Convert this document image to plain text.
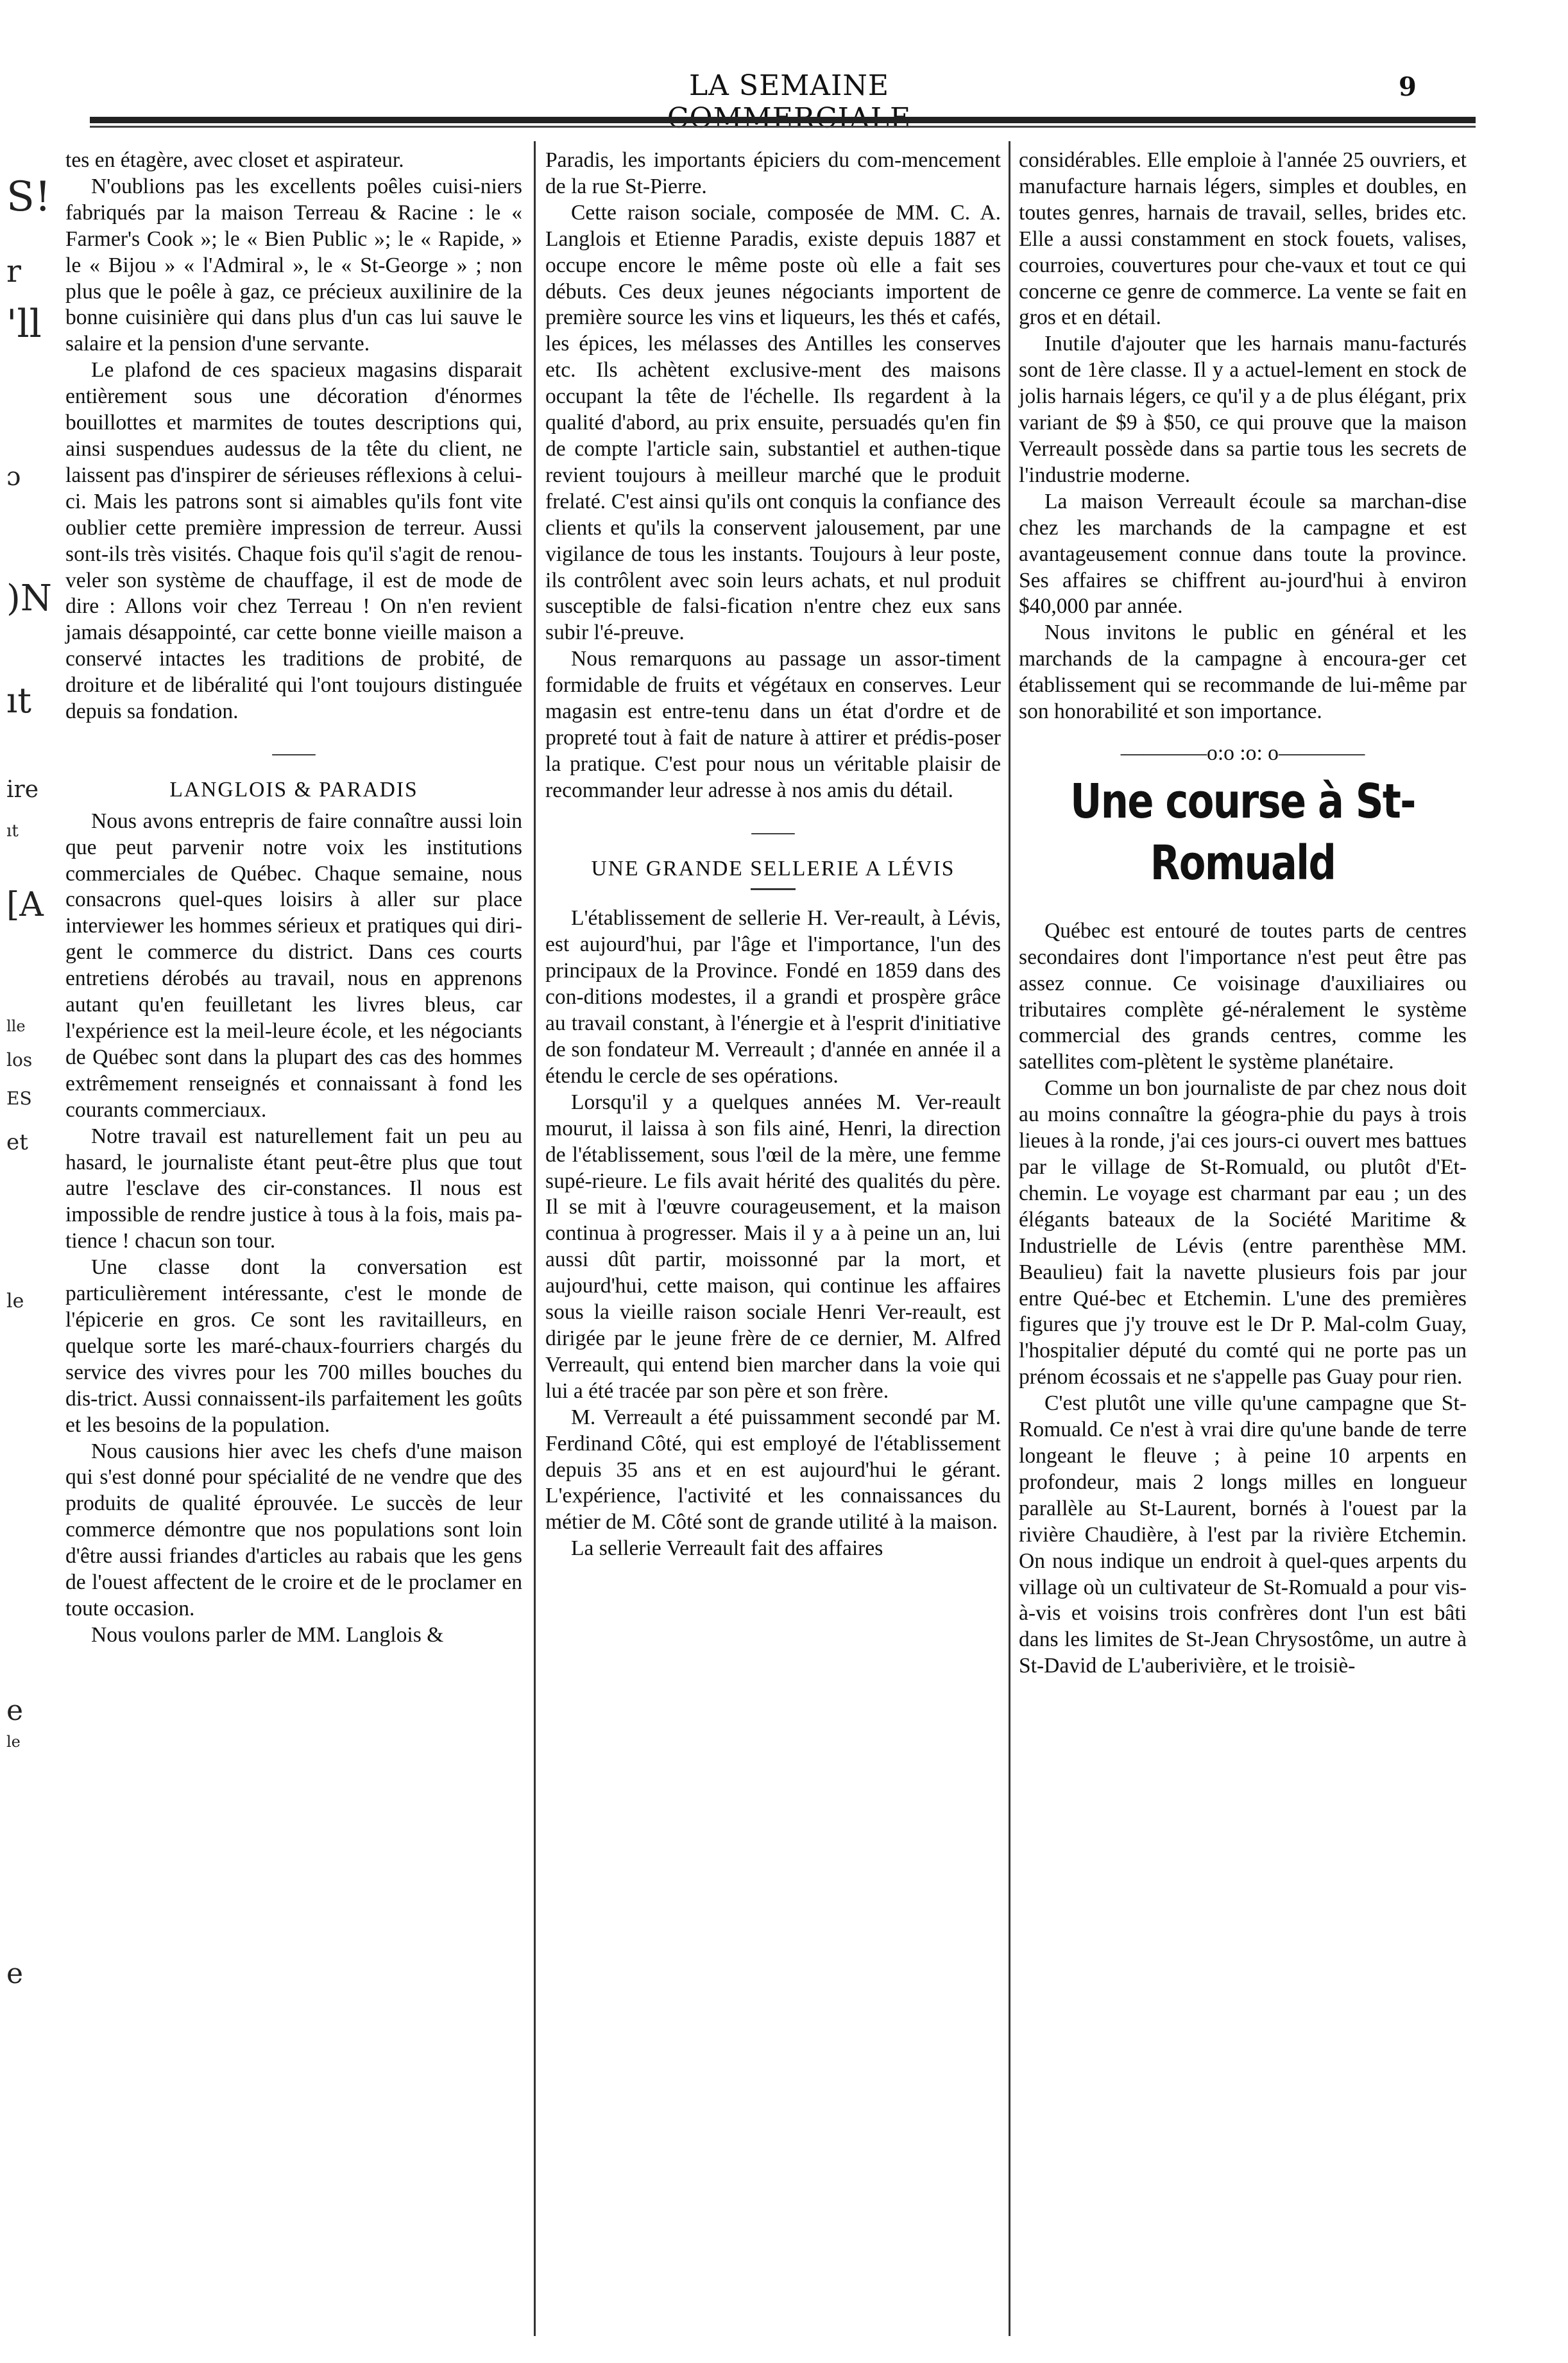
LA SEMAINE	9
S!
r
'll
ɔ
)N
ıt
ire
ıt
[A
lle
los
ES
et
le
e
le
e

tes en étagère, avec closet et aspirateur.

N'oublions pas les excellents poêles cuisi-niers fabriqués par la maison Terreau & Racine : le « Farmer's Cook »; le « Bien Public »; le « Rapide, » le « Bijou » « l'Admiral », le « St-George » ; non plus que le poêle à gaz, ce précieux auxilinire de la bonne cuisinière qui dans plus d'un cas lui sauve le salaire et la pension d'une servante.

Le plafond de ces spacieux magasins disparait entièrement sous une décoration d'énormes bouillottes et marmites de toutes descriptions qui, ainsi suspendues audessus de la tête du client, ne laissent pas d'inspirer de sérieuses réflexions à celui-ci. Mais les patrons sont si aimables qu'ils font vite oublier cette première impression de terreur. Aussi sont-ils très visités. Chaque fois qu'il s'agit de renou-veler son système de chauffage, il est de mode de dire : Allons voir chez Terreau ! On n'en revient jamais désappointé, car cette bonne vieille maison a conservé intactes les traditions de probité, de droiture et de libéralité qui l'ont toujours distinguée depuis sa fondation.

——
LANGLOIS & PARADIS

Nous avons entrepris de faire connaître aussi loin que peut parvenir notre voix les institutions commerciales de Québec. Chaque semaine, nous consacrons quel-ques loisirs à aller sur place interviewer les hommes sérieux et pratiques qui diri-gent le commerce du district. Dans ces courts entretiens dérobés au travail, nous en apprenons autant qu'en feuilletant les livres bleus, car l'expérience est la meil-leure école, et les négociants de Québec sont dans la plupart des cas des hommes extrêmement renseignés et connaissant à fond les courants commerciaux.

Notre travail est naturellement fait un peu au hasard, le journaliste étant peut-être plus que tout autre l'esclave des cir-constances. Il nous est impossible de rendre justice à tous à la fois, mais pa-tience ! chacun son tour.

Une classe dont la conversation est particulièrement intéressante, c'est le monde de l'épicerie en gros. Ce sont les ravitailleurs, en quelque sorte les maré-chaux-fourriers chargés du service des vivres pour les 700 milles bouches du dis-trict. Aussi connaissent-ils parfaitement les goûts et les besoins de la population.

Nous causions hier avec les chefs d'une maison qui s'est donné pour spécialité de ne vendre que des produits de qualité éprouvée. Le succès de leur commerce démontre que nos populations sont loin d'être aussi friandes d'articles au rabais que les gens de l'ouest affectent de le croire et de le proclamer en toute occasion.

Nous voulons parler de MM. Langlois &

Paradis, les importants épiciers du com-mencement de la rue St-Pierre.

Cette raison sociale, composée de MM. C. A. Langlois et Etienne Paradis, existe depuis 1887 et occupe encore le même poste où elle a fait ses débuts. Ces deux jeunes négociants importent de première source les vins et liqueurs, les thés et cafés, les épices, les mélasses des Antilles les conserves etc. Ils achètent exclusive-ment des maisons occupant la tête de l'échelle. Ils regardent à la qualité d'abord, au prix ensuite, persuadés qu'en fin de compte l'article sain, substantiel et authen-tique revient toujours à meilleur marché que le produit frelaté. C'est ainsi qu'ils ont conquis la confiance des clients et qu'ils la conservent jalousement, par une vigilance de tous les instants. Toujours à leur poste, ils contrôlent avec soin leurs achats, et nul produit susceptible de falsi-fication n'entre chez eux sans subir l'é-preuve.

Nous remarquons au passage un assor-timent formidable de fruits et végétaux en conserves. Leur magasin est entre-tenu dans un état d'ordre et de propreté tout à fait de nature à attirer et prédis-poser la pratique. C'est pour nous un véritable plaisir de recommander leur adresse à nos amis du détail.

——
UNE GRANDE SELLERIE A LÉVIS

L'établissement de sellerie H. Ver-reault, à Lévis, est aujourd'hui, par l'âge et l'importance, l'un des principaux de la Province. Fondé en 1859 dans des con-ditions modestes, il a grandi et prospère grâce au travail constant, à l'énergie et à l'esprit d'initiative de son fondateur M. Verreault ; d'année en année il a étendu le cercle de ses opérations.

Lorsqu'il y a quelques années M. Ver-reault mourut, il laissa à son fils ainé, Henri, la direction de l'établissement, sous l'œil de la mère, une femme supé-rieure. Le fils avait hérité des qualités du père. Il se mit à l'œuvre courageusement, et la maison continua à progresser. Mais il y a à peine un an, lui aussi dût partir, moissonné par la mort, et aujourd'hui, cette maison, qui continue les affaires sous la vieille raison sociale Henri Ver-reault, est dirigée par le jeune frère de ce dernier, M. Alfred Verreault, qui entend bien marcher dans la voie qui lui a été tracée par son père et son frère.

M. Verreault a été puissamment secondé par M. Ferdinand Côté, qui est employé de l'établissement depuis 35 ans et en est aujourd'hui le gérant. L'expérience, l'activité et les connaissances du métier de M. Côté sont de grande utilité à la maison.

La sellerie Verreault fait des affaires

considérables. Elle emploie à l'année 25 ouvriers, et manufacture harnais légers, simples et doubles, en toutes genres, harnais de travail, selles, brides etc. Elle a aussi constamment en stock fouets, valises, courroies, couvertures pour che-vaux et tout ce qui concerne ce genre de commerce. La vente se fait en gros et en détail.

Inutile d'ajouter que les harnais manu-facturés sont de 1ère classe. Il y a actuel-lement en stock de jolis harnais légers, ce qu'il y a de plus élégant, prix variant de $9 à $50, ce qui prouve que la maison Verreault possède dans sa partie tous les secrets de l'industrie moderne.

La maison Verreault écoule sa marchan-dise chez les marchands de la campagne et est avantageusement connue dans toute la province. Ses affaires se chiffrent au-jourd'hui à environ $40,000 par année.

Nous invitons le public en général et les marchands de la campagne à encoura-ger cet établissement qui se recommande de lui-même par son honorabilité et son importance.

————o:o :o: o————
Une course à St-Romuald

Québec est entouré de toutes parts de centres secondaires dont l'importance n'est peut être pas assez connue. Ce voisinage d'auxiliaires ou tributaires complète gé-néralement le système commercial des grands centres, comme les satellites com-plètent le système planétaire.

Comme un bon journaliste de par chez nous doit au moins connaître la géogra-phie du pays à trois lieues à la ronde, j'ai ces jours-ci ouvert mes battues par le village de St-Romuald, ou plutôt d'Et-chemin. Le voyage est charmant par eau ; un des élégants bateaux de la Société Maritime & Industrielle de Lévis (entre parenthèse MM. Beaulieu) fait la navette plusieurs fois par jour entre Qué-bec et Etchemin. L'une des premières figures que j'y trouve est le Dr P. Mal-colm Guay, l'hospitalier député du comté qui ne porte pas un prénom écossais et ne s'appelle pas Guay pour rien.

C'est plutôt une ville qu'une campagne que St-Romuald. Ce n'est à vrai dire qu'une bande de terre longeant le fleuve ; à peine 10 arpents en profondeur, mais 2 longs milles en longueur parallèle au St-Laurent, bornés à l'ouest par la rivière Chaudière, à l'est par la rivière Etchemin. On nous indique un endroit à quel-ques arpents du village où un cultivateur de St-Romuald a pour vis-à-vis et voisins trois confrères dont l'un est bâti dans les limites de St-Jean Chrysostôme, un autre à St-David de L'auberivière, et le troisiè-
